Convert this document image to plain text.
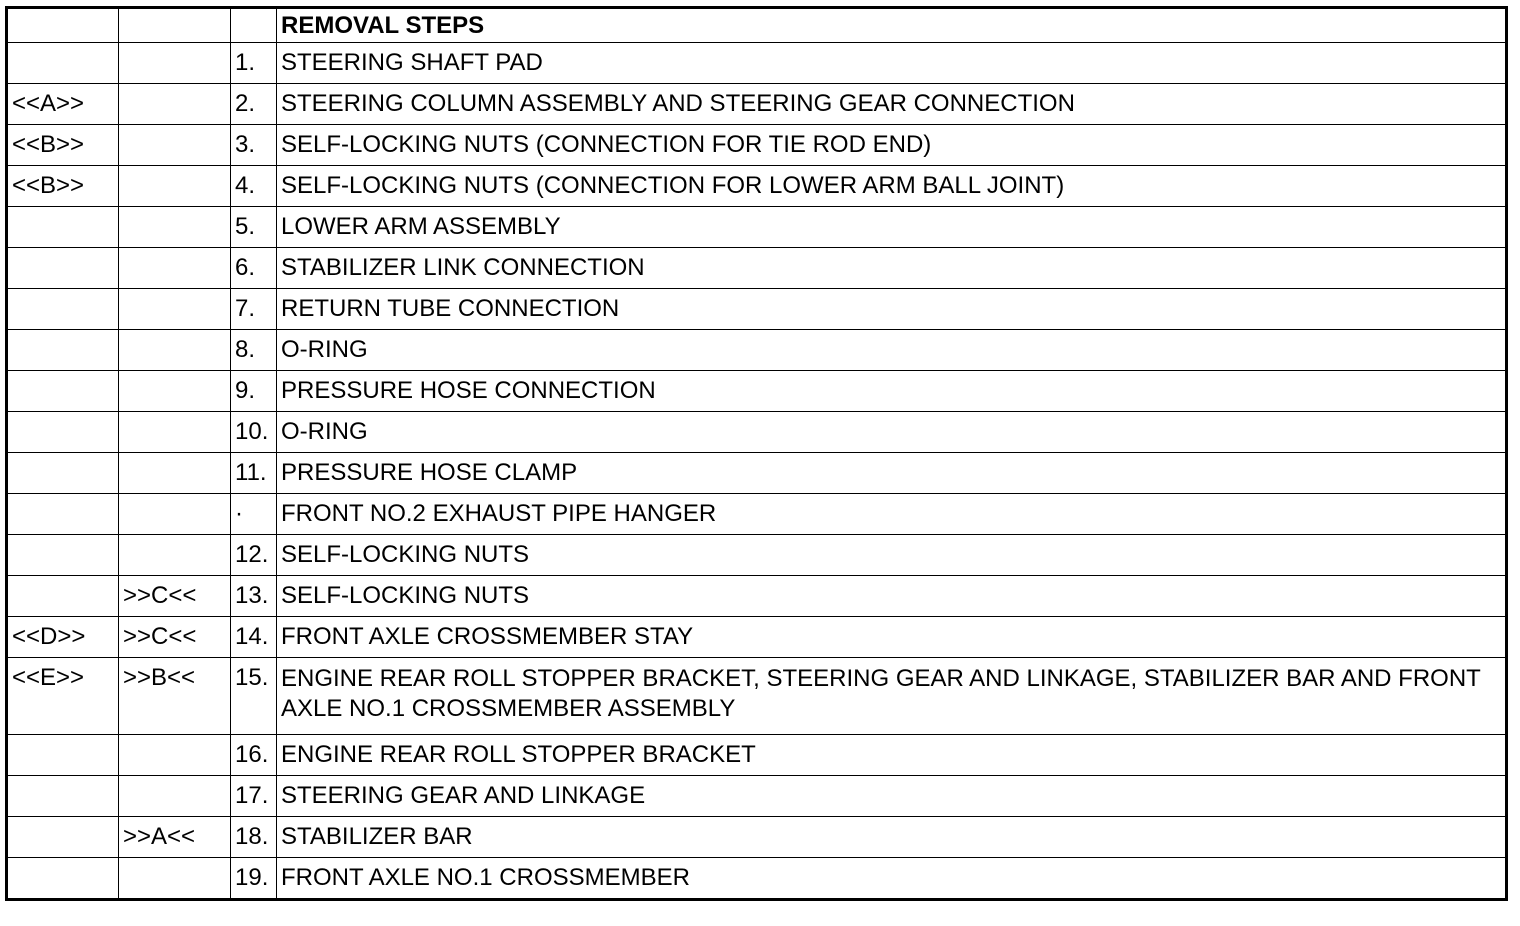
			REMOVAL STEPS
		1.	STEERING SHAFT PAD
<<A>>		2.	STEERING COLUMN ASSEMBLY AND STEERING GEAR CONNECTION
<<B>>		3.	SELF-LOCKING NUTS (CONNECTION FOR TIE ROD END)
<<B>>		4.	SELF-LOCKING NUTS (CONNECTION FOR LOWER ARM BALL JOINT)
		5.	LOWER ARM ASSEMBLY
		6.	STABILIZER LINK CONNECTION
		7.	RETURN TUBE CONNECTION
		8.	O-RING
		9.	PRESSURE HOSE CONNECTION
		10.	O-RING
		11.	PRESSURE HOSE CLAMP
		·	FRONT NO.2 EXHAUST PIPE HANGER
		12.	SELF-LOCKING NUTS
	>>C<<	13.	SELF-LOCKING NUTS
<<D>>	>>C<<	14.	FRONT AXLE CROSSMEMBER STAY
<<E>>	>>B<<	15.	ENGINE REAR ROLL STOPPER BRACKET, STEERING GEAR AND LINKAGE, STABILIZER BAR AND FRONT AXLE NO.1 CROSSMEMBER ASSEMBLY
		16.	ENGINE REAR ROLL STOPPER BRACKET
		17.	STEERING GEAR AND LINKAGE
	>>A<<	18.	STABILIZER BAR
		19.	FRONT AXLE NO.1 CROSSMEMBER
